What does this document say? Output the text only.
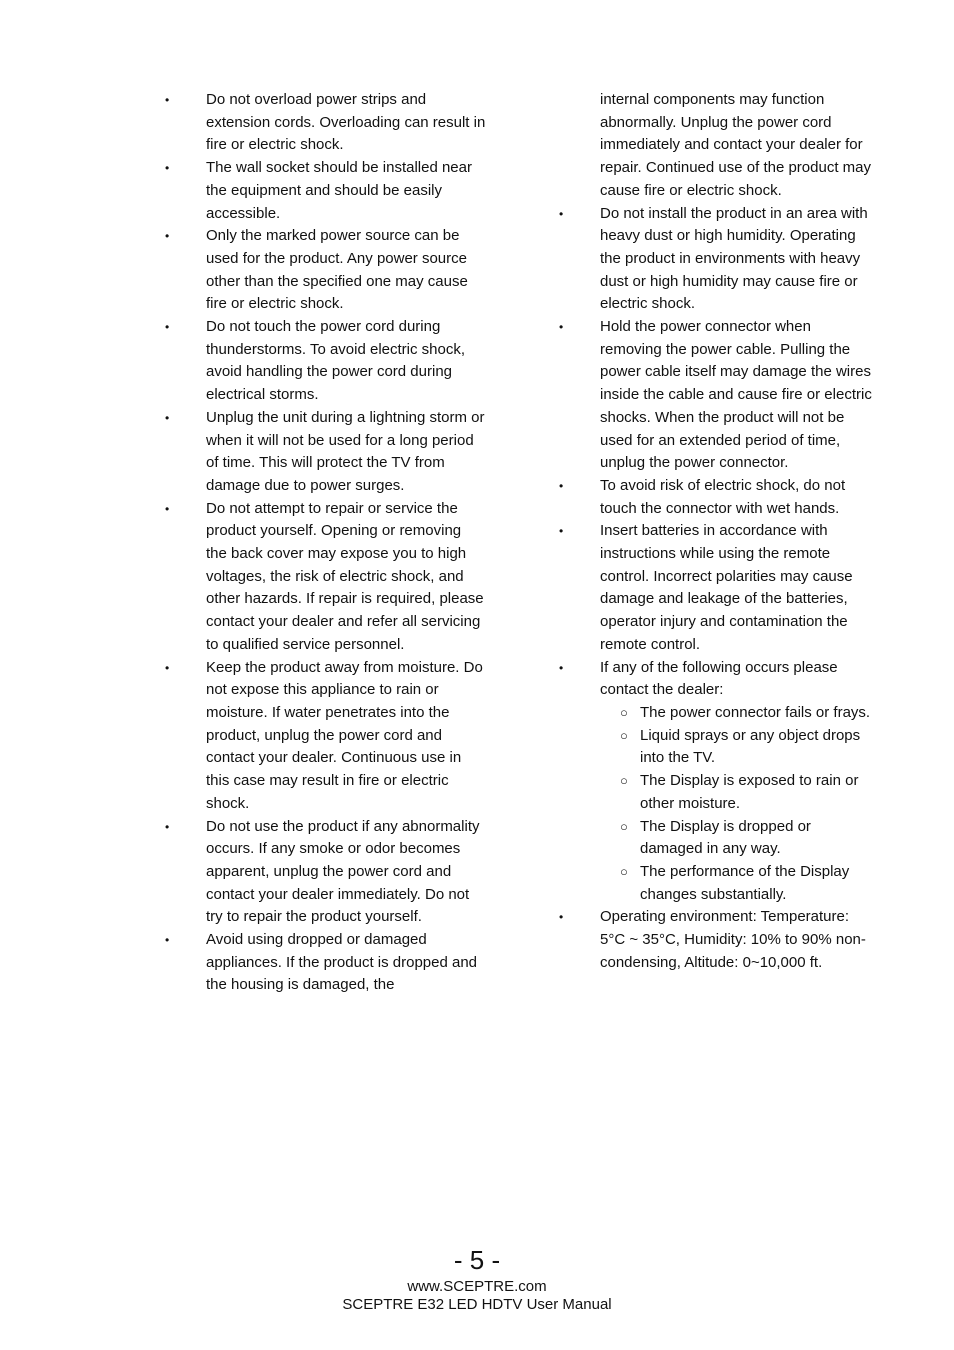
• Do not overload power strips and extension cords. Overloading can result in fire or electric shock.
• The wall socket should be installed near the equipment and should be easily accessible.
• Only the marked power source can be used for the product. Any power source other than the specified one may cause fire or electric shock.
• Do not touch the power cord during thunderstorms. To avoid electric shock, avoid handling the power cord during electrical storms.
• Unplug the unit during a lightning storm or when it will not be used for a long period of time. This will protect the TV from damage due to power surges.
• Do not attempt to repair or service the product yourself. Opening or removing the back cover may expose you to high voltages, the risk of electric shock, and other hazards. If repair is required, please contact your dealer and refer all servicing to qualified service personnel.
• Keep the product away from moisture. Do not expose this appliance to rain or moisture. If water penetrates into the product, unplug the power cord and contact your dealer. Continuous use in this case may result in fire or electric shock.
• Do not use the product if any abnormality occurs. If any smoke or odor becomes apparent, unplug the power cord and contact your dealer immediately. Do not try to repair the product yourself.
• Avoid using dropped or damaged appliances. If the product is dropped and the housing is damaged, the
internal components may function abnormally. Unplug the power cord immediately and contact your dealer for repair. Continued use of the product may cause fire or electric shock.
• Do not install the product in an area with heavy dust or high humidity. Operating the product in environments with heavy dust or high humidity may cause fire or electric shock.
• Hold the power connector when removing the power cable. Pulling the power cable itself may damage the wires inside the cable and cause fire or electric shocks. When the product will not be used for an extended period of time, unplug the power connector.
• To avoid risk of electric shock, do not touch the connector with wet hands.
• Insert batteries in accordance with instructions while using the remote control. Incorrect polarities may cause damage and leakage of the batteries, operator injury and contamination the remote control.
• If any of the following occurs please contact the dealer:
○ The power connector fails or frays.
○ Liquid sprays or any object drops into the TV.
○ The Display is exposed to rain or other moisture.
○ The Display is dropped or damaged in any way.
○ The performance of the Display changes substantially.
• Operating environment: Temperature: 5°C ~ 35°C, Humidity: 10% to 90% non-condensing, Altitude: 0~10,000 ft.
- 5 -
www.SCEPTRE.com
SCEPTRE E32 LED HDTV User Manual
